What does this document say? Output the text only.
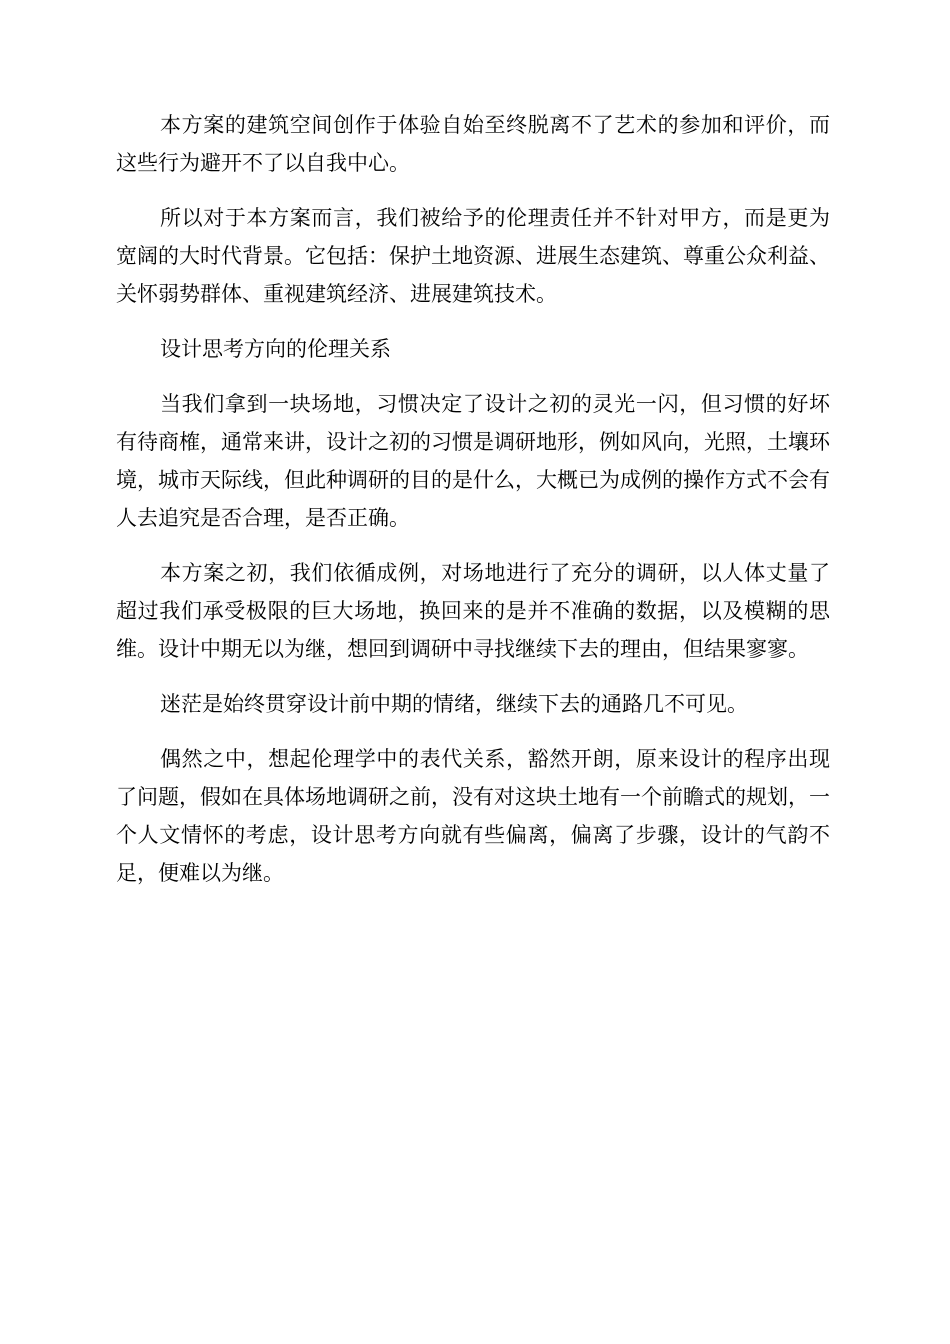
本方案的建筑空间创作于体验自始至终脱离不了艺术的参加和评价，而这些行为避开不了以自我中心。

所以对于本方案而言，我们被给予的伦理责任并不针对甲方，而是更为宽阔的大时代背景。它包括：保护土地资源、进展生态建筑、尊重公众利益、关怀弱势群体、重视建筑经济、进展建筑技术。

设计思考方向的伦理关系

当我们拿到一块场地，习惯决定了设计之初的灵光一闪，但习惯的好坏有待商榷，通常来讲，设计之初的习惯是调研地形，例如风向，光照，土壤环境，城市天际线，但此种调研的目的是什么，大概已为成例的操作方式不会有人去追究是否合理，是否正确。

本方案之初，我们依循成例，对场地进行了充分的调研，以人体丈量了超过我们承受极限的巨大场地，换回来的是并不准确的数据，以及模糊的思维。设计中期无以为继，想回到调研中寻找继续下去的理由，但结果寥寥。

迷茫是始终贯穿设计前中期的情绪，继续下去的通路几不可见。

偶然之中，想起伦理学中的表代关系，豁然开朗，原来设计的程序出现了问题，假如在具体场地调研之前，没有对这块土地有一个前瞻式的规划，一个人文情怀的考虑，设计思考方向就有些偏离，偏离了步骤，设计的气韵不足，便难以为继。
